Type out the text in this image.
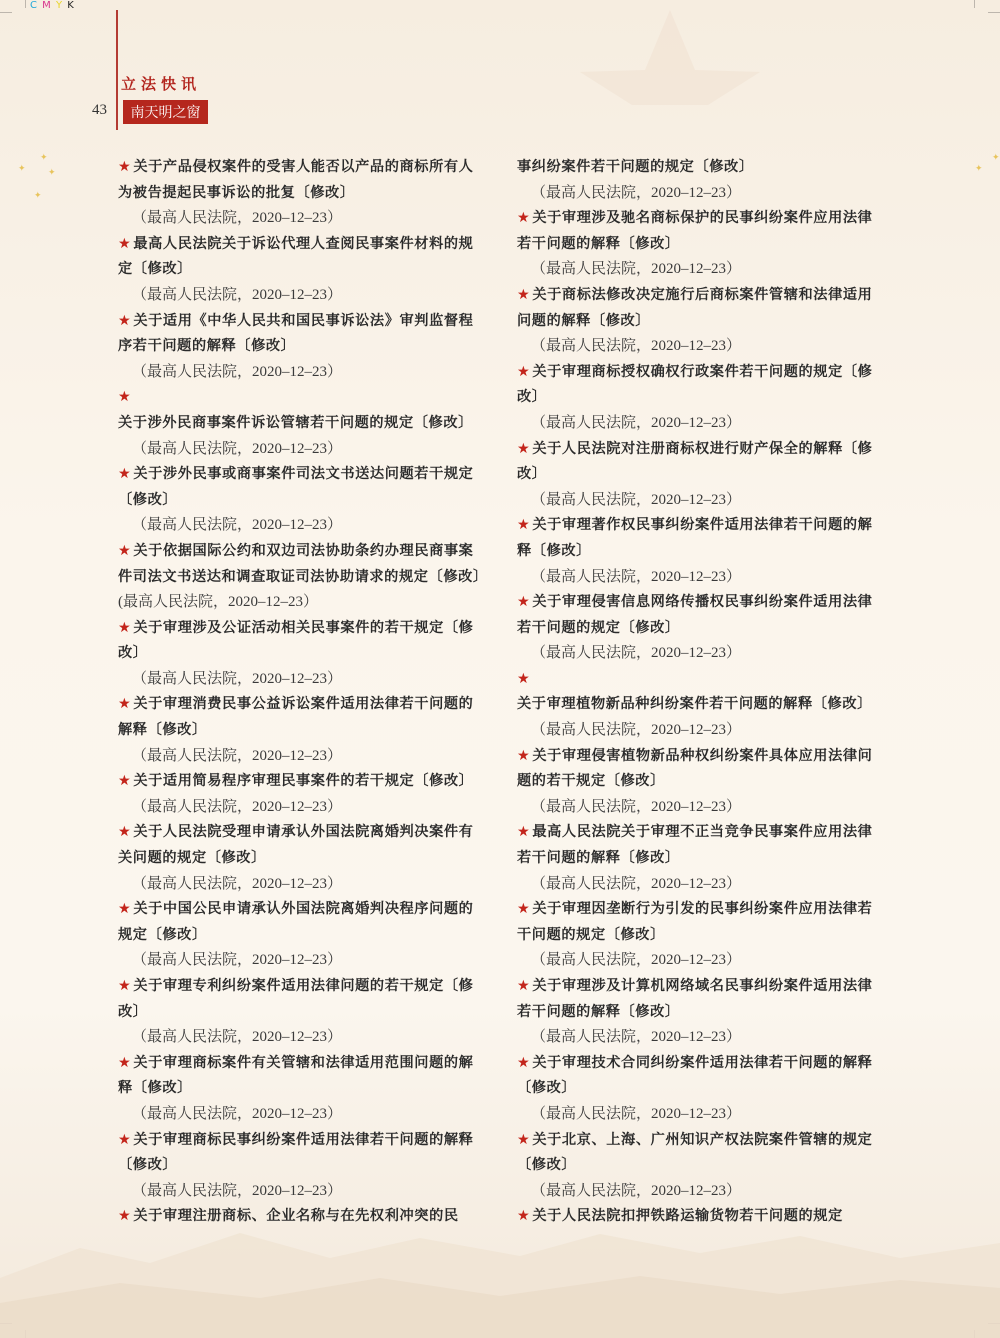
C M Y K
✦
✦
✦
✦
✦
✦
立法快讯
43	南天明之窗
★ 关于产品侵权案件的受害人能否以产品的商标所有人为被告提起民事诉讼的批复〔修改〕
（最高人民法院，2020–12–23）
★ 最高人民法院关于诉讼代理人查阅民事案件材料的规定〔修改〕
（最高人民法院，2020–12–23）
★ 关于适用《中华人民共和国民事诉讼法》审判监督程序若干问题的解释〔修改〕
（最高人民法院，2020–12–23）
★关于涉外民商事案件诉讼管辖若干问题的规定〔修改〕
（最高人民法院，2020–12–23）
★ 关于涉外民事或商事案件司法文书送达问题若干规定〔修改〕
（最高人民法院，2020–12–23）
★ 关于依据国际公约和双边司法协助条约办理民商事案件司法文书送达和调查取证司法协助请求的规定〔修改〕
(最高人民法院，2020–12–23）
★ 关于审理涉及公证活动相关民事案件的若干规定〔修改〕
（最高人民法院，2020–12–23）
★ 关于审理消费民事公益诉讼案件适用法律若干问题的解释〔修改〕
（最高人民法院，2020–12–23）
★ 关于适用简易程序审理民事案件的若干规定〔修改〕
（最高人民法院，2020–12–23）
★ 关于人民法院受理申请承认外国法院离婚判决案件有关问题的规定〔修改〕
（最高人民法院，2020–12–23）
★ 关于中国公民申请承认外国法院离婚判决程序问题的规定〔修改〕
（最高人民法院，2020–12–23）
★ 关于审理专利纠纷案件适用法律问题的若干规定〔修改〕
（最高人民法院，2020–12–23）
★ 关于审理商标案件有关管辖和法律适用范围问题的解释〔修改〕
（最高人民法院，2020–12–23）
★ 关于审理商标民事纠纷案件适用法律若干问题的解释〔修改〕
（最高人民法院，2020–12–23）
★ 关于审理注册商标、企业名称与在先权利冲突的民
事纠纷案件若干问题的规定〔修改〕
（最高人民法院，2020–12–23）
★ 关于审理涉及驰名商标保护的民事纠纷案件应用法律若干问题的解释〔修改〕
（最高人民法院，2020–12–23）
★ 关于商标法修改决定施行后商标案件管辖和法律适用问题的解释〔修改〕
（最高人民法院，2020–12–23）
★ 关于审理商标授权确权行政案件若干问题的规定〔修改〕
（最高人民法院，2020–12–23）
★ 关于人民法院对注册商标权进行财产保全的解释〔修改〕
（最高人民法院，2020–12–23）
★ 关于审理著作权民事纠纷案件适用法律若干问题的解释〔修改〕
（最高人民法院，2020–12–23）
★ 关于审理侵害信息网络传播权民事纠纷案件适用法律若干问题的规定〔修改〕
（最高人民法院，2020–12–23）
★关于审理植物新品种纠纷案件若干问题的解释〔修改〕
（最高人民法院，2020–12–23）
★ 关于审理侵害植物新品种权纠纷案件具体应用法律问题的若干规定〔修改〕
（最高人民法院，2020–12–23）
★ 最高人民法院关于审理不正当竞争民事案件应用法律若干问题的解释〔修改〕
（最高人民法院，2020–12–23）
★ 关于审理因垄断行为引发的民事纠纷案件应用法律若干问题的规定〔修改〕
（最高人民法院，2020–12–23）
★ 关于审理涉及计算机网络域名民事纠纷案件适用法律若干问题的解释〔修改〕
（最高人民法院，2020–12–23）
★ 关于审理技术合同纠纷案件适用法律若干问题的解释〔修改〕
（最高人民法院，2020–12–23）
★ 关于北京、上海、广州知识产权法院案件管辖的规定〔修改〕
（最高人民法院，2020–12–23）
★ 关于人民法院扣押铁路运输货物若干问题的规定
